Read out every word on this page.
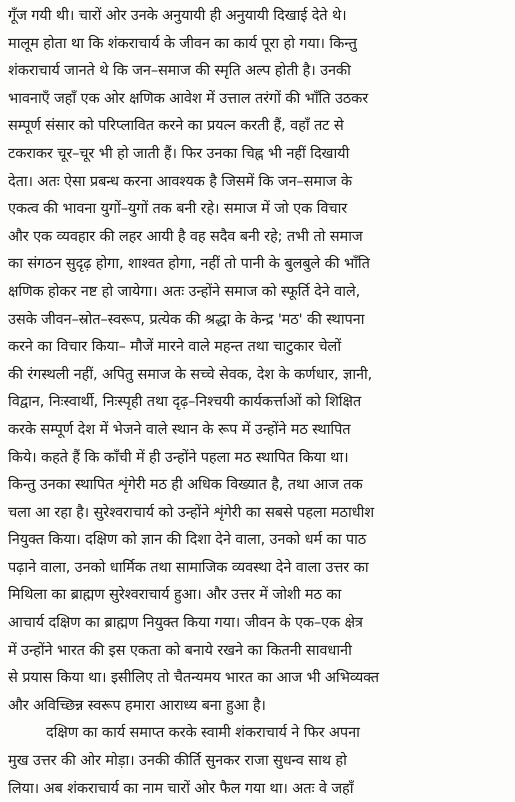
गूँज गयी थी। चारों ओर उनके अनुयायी ही अनुयायी दिखाई देते थे।
मालूम होता था कि शंकराचार्य के जीवन का कार्य पूरा हो गया। किन्तु
शंकराचार्य जानते थे कि जन–समाज की स्मृति अल्प होती है। उनकी
भावनाएँ जहाँ एक ओर क्षणिक आवेश में उत्ताल तरंगों की भाँति उठकर
सम्पूर्ण संसार को परिप्लावित करने का प्रयत्न करती हैं, वहाँ तट से
टकराकर चूर–चूर भी हो जाती हैं। फिर उनका चिह्न भी नहीं दिखायी
देता। अतः ऐसा प्रबन्ध करना आवश्यक है जिसमें कि जन–समाज के
एकत्व की भावना युगों–युगों तक बनी रहे। समाज में जो एक विचार
और एक व्यवहार की लहर आयी है वह सदैव बनी रहे; तभी तो समाज
का संगठन सुदृढ़ होगा, शाश्वत होगा, नहीं तो पानी के बुलबुले की भाँति
क्षणिक होकर नष्ट हो जायेगा। अतः उन्होंने समाज को स्फूर्ति देने वाले,
उसके जीवन–स्रोत–स्वरूप, प्रत्येक की श्रद्धा के केन्द्र 'मठ' की स्थापना
करने का विचार किया– मौजें मारने वाले महन्त तथा चाटुकार चेलों
की रंगस्थली नहीं, अपितु समाज के सच्चे सेवक, देश के कर्णधार, ज्ञानी,
विद्वान, निःस्वार्थी, निःस्पृही तथा दृढ़–निश्चयी कार्यकर्त्ताओं को शिक्षित
करके सम्पूर्ण देश में भेजने वाले स्थान के रूप में उन्होंने मठ स्थापित
किये। कहते हैं कि काँची में ही उन्होंने पहला मठ स्थापित किया था।
किन्तु उनका स्थापित शृंगेरी मठ ही अधिक विख्यात है, तथा आज तक
चला आ रहा है। सुरेश्वराचार्य को उन्होंने शृंगेरी का सबसे पहला मठाधीश
नियुक्त किया। दक्षिण को ज्ञान की दिशा देने वाला, उनको धर्म का पाठ
पढ़ाने वाला, उनको धार्मिक तथा सामाजिक व्यवस्था देने वाला उत्तर का
मिथिला का ब्राह्मण सुरेश्वराचार्य हुआ। और उत्तर में जोशी मठ का
आचार्य दक्षिण का ब्राह्मण नियुक्त किया गया। जीवन के एक–एक क्षेत्र
में उन्होंने भारत की इस एकता को बनाये रखने का कितनी सावधानी
से प्रयास किया था। इसीलिए तो चैतन्यमय भारत का आज भी अभिव्यक्त
और अविच्छिन्न स्वरूप हमारा आराध्य बना हुआ है।
दक्षिण का कार्य समाप्त करके स्वामी शंकराचार्य ने फिर अपना
मुख उत्तर की ओर मोड़ा। उनकी कीर्ति सुनकर राजा सुधन्व साथ हो
लिया। अब शंकराचार्य का नाम चारों ओर फैल गया था। अतः वे जहाँ
